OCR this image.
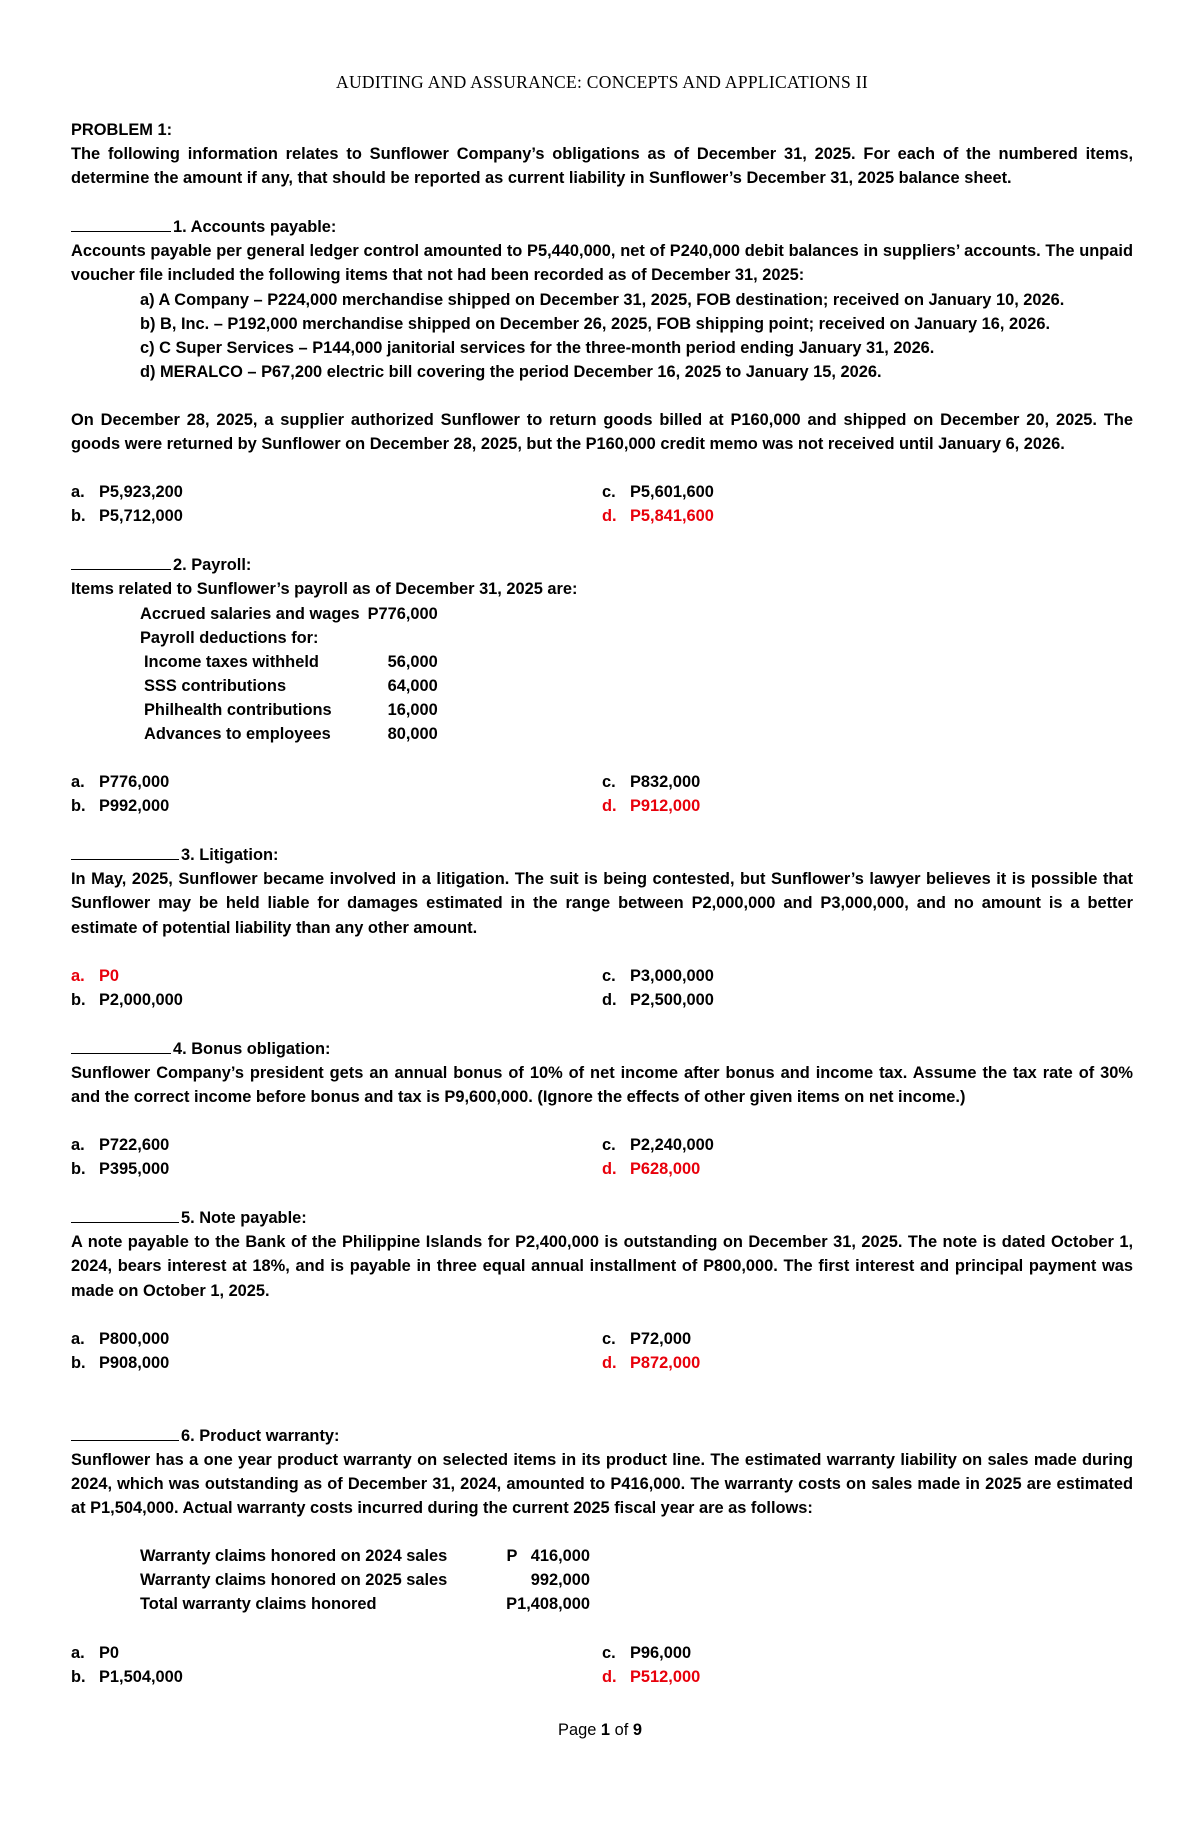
AUDITING AND ASSURANCE: CONCEPTS AND APPLICATIONS II

PROBLEM 1:

The following information relates to Sunflower Company’s obligations as of December 31, 2025. For each of the numbered items, determine the amount if any, that should be reported as current liability in Sunflower’s December 31, 2025 balance sheet.

1. Accounts payable:

Accounts payable per general ledger control amounted to P5,440,000, net of P240,000 debit balances in suppliers’ accounts. The unpaid voucher file included the following items that not had been recorded as of December 31, 2025:

a) A Company – P224,000 merchandise shipped on December 31, 2025, FOB destination; received on January 10, 2026.

b) B, Inc. – P192,000 merchandise shipped on December 26, 2025, FOB shipping point; received on January 16, 2026.

c) C Super Services – P144,000 janitorial services for the three-month period ending January 31, 2026.

d) MERALCO – P67,200 electric bill covering the period December 16, 2025 to January 15, 2026.

On December 28, 2025, a supplier authorized Sunflower to return goods billed at P160,000 and shipped on December 20, 2025. The goods were returned by Sunflower on December 28, 2025, but the P160,000 credit memo was not received until January 6, 2026.

a. P5,923,200
b. P5,712,000
c. P5,601,600
d. P5,841,600

2. Payroll:

Items related to Sunflower’s payroll as of December 31, 2025 are:

Accrued salaries and wages	P776,000
Payroll deductions for:	
Income taxes withheld	56,000
SSS contributions	64,000
Philhealth contributions	16,000
Advances to employees	80,000
a. P776,000
b. P992,000
c. P832,000
d. P912,000

3. Litigation:

In May, 2025, Sunflower became involved in a litigation. The suit is being contested, but Sunflower’s lawyer believes it is possible that Sunflower may be held liable for damages estimated in the range between P2,000,000 and P3,000,000, and no amount is a better estimate of potential liability than any other amount.

a. P0
b. P2,000,000
c. P3,000,000
d. P2,500,000

4. Bonus obligation:

Sunflower Company’s president gets an annual bonus of 10% of net income after bonus and income tax. Assume the tax rate of 30% and the correct income before bonus and tax is P9,600,000. (Ignore the effects of other given items on net income.)

a. P722,600
b. P395,000
c. P2,240,000
d. P628,000

5. Note payable:

A note payable to the Bank of the Philippine Islands for P2,400,000 is outstanding on December 31, 2025. The note is dated October 1, 2024, bears interest at 18%, and is payable in three equal annual installment of P800,000. The first interest and principal payment was made on October 1, 2025.

a. P800,000
b. P908,000
c. P72,000
d. P872,000

6. Product warranty:

Sunflower has a one year product warranty on selected items in its product line. The estimated warranty liability on sales made during 2024, which was outstanding as of December 31, 2024, amounted to P416,000. The warranty costs on sales made in 2025 are estimated at P1,504,000. Actual warranty costs incurred during the current 2025 fiscal year are as follows:

Warranty claims honored on 2024 sales	P   416,000
Warranty claims honored on 2025 sales	992,000
Total warranty claims honored	P1,408,000
a. P0
b. P1,504,000
c. P96,000
d. P512,000
Page 1 of 9
